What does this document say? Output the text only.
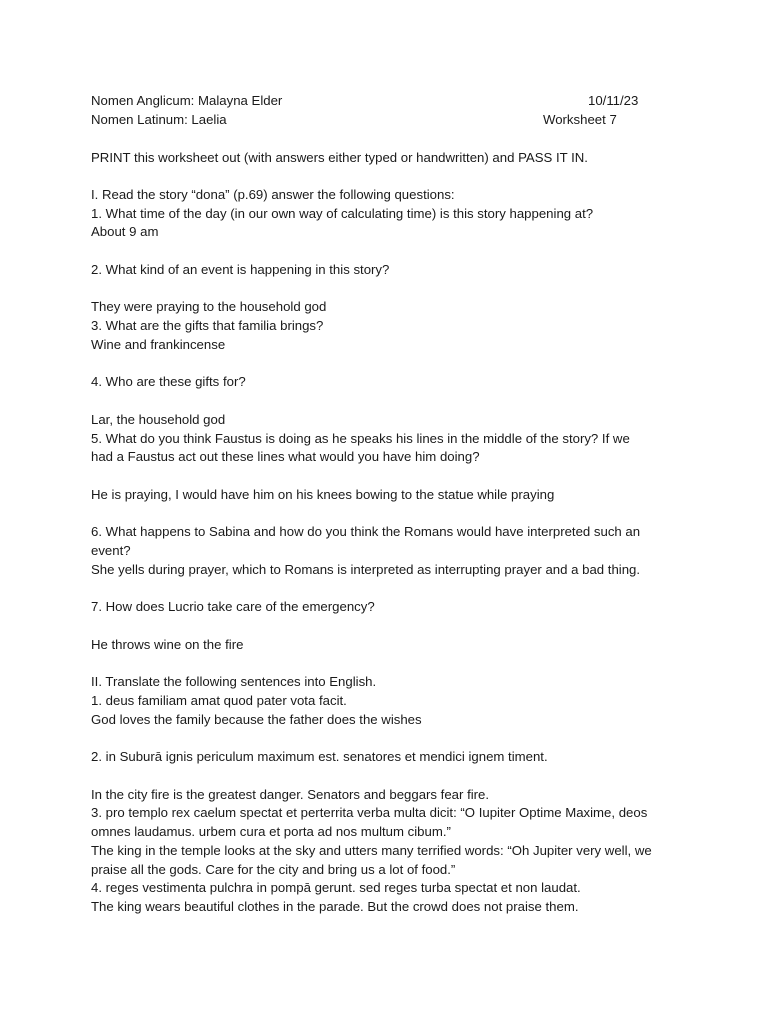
Nomen Anglicum: Malayna Elder	10/11/23
Nomen Latinum: Laelia	Worksheet 7
PRINT this worksheet out (with answers either typed or handwritten) and PASS IT IN.
I. Read the story “dona” (p.69) answer the following questions:
1. What time of the day (in our own way of calculating time) is this story happening at?
About 9 am
2. What kind of an event is happening in this story?
They were praying to the household god
3. What are the gifts that familia brings?
Wine and frankincense
4. Who are these gifts for?
Lar, the household god
5. What do you think Faustus is doing as he speaks his lines in the middle of the story? If we
had a Faustus act out these lines what would you have him doing?
He is praying, I would have him on his knees bowing to the statue while praying
6. What happens to Sabina and how do you think the Romans would have interpreted such an
event?
She yells during prayer, which to Romans is interpreted as interrupting prayer and a bad thing.
7. How does Lucrio take care of the emergency?
He throws wine on the fire
II. Translate the following sentences into English.
1. deus familiam amat quod pater vota facit.
God loves the family because the father does the wishes
2. in Suburā ignis periculum maximum est. senatores et mendici ignem timent.
In the city fire is the greatest danger. Senators and beggars fear fire.
3. pro templo rex caelum spectat et perterrita verba multa dicit: “O Iupiter Optime Maxime, deos
omnes laudamus. urbem cura et porta ad nos multum cibum.”
The king in the temple looks at the sky and utters many terrified words: “Oh Jupiter very well, we
praise all the gods. Care for the city and bring us a lot of food.”
4. reges vestimenta pulchra in pompā gerunt. sed reges turba spectat et non laudat.
The king wears beautiful clothes in the parade. But the crowd does not praise them.
